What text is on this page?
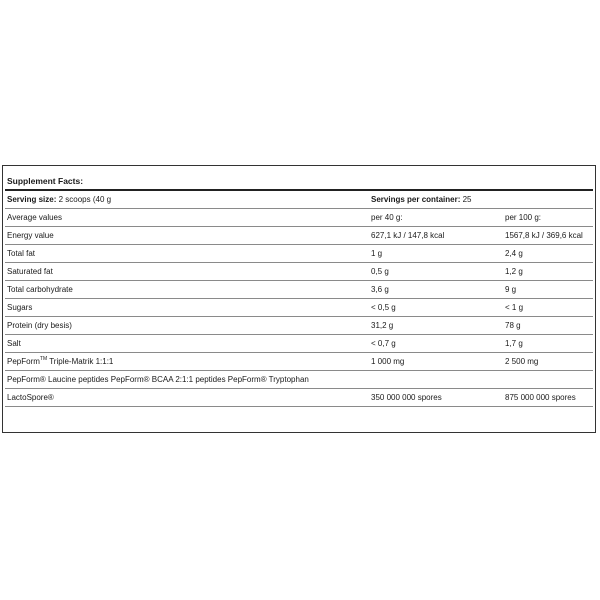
Supplement Facts:
Serving size: 2 scoops (40 g	Servings per container: 25
Average values	per 40 g:	per 100 g:
Energy value	627,1 kJ / 147,8 kcal	1567,8 kJ / 369,6 kcal
Total fat	1 g	2,4 g
Saturated fat	0,5 g	1,2 g
Total carbohydrate	3,6 g	9 g
Sugars	< 0,5 g	< 1 g
Protein (dry besis)	31,2 g	78 g
Salt	< 0,7 g	1,7 g
PepForm™ Triple-Matrik 1:1:1	1 000 mg	2 500 mg
PepForm® Laucine peptides PepForm® BCAA 2:1:1 peptides PepForm® Tryptophan
LactoSpore®	350 000 000 spores	875 000 000 spores
